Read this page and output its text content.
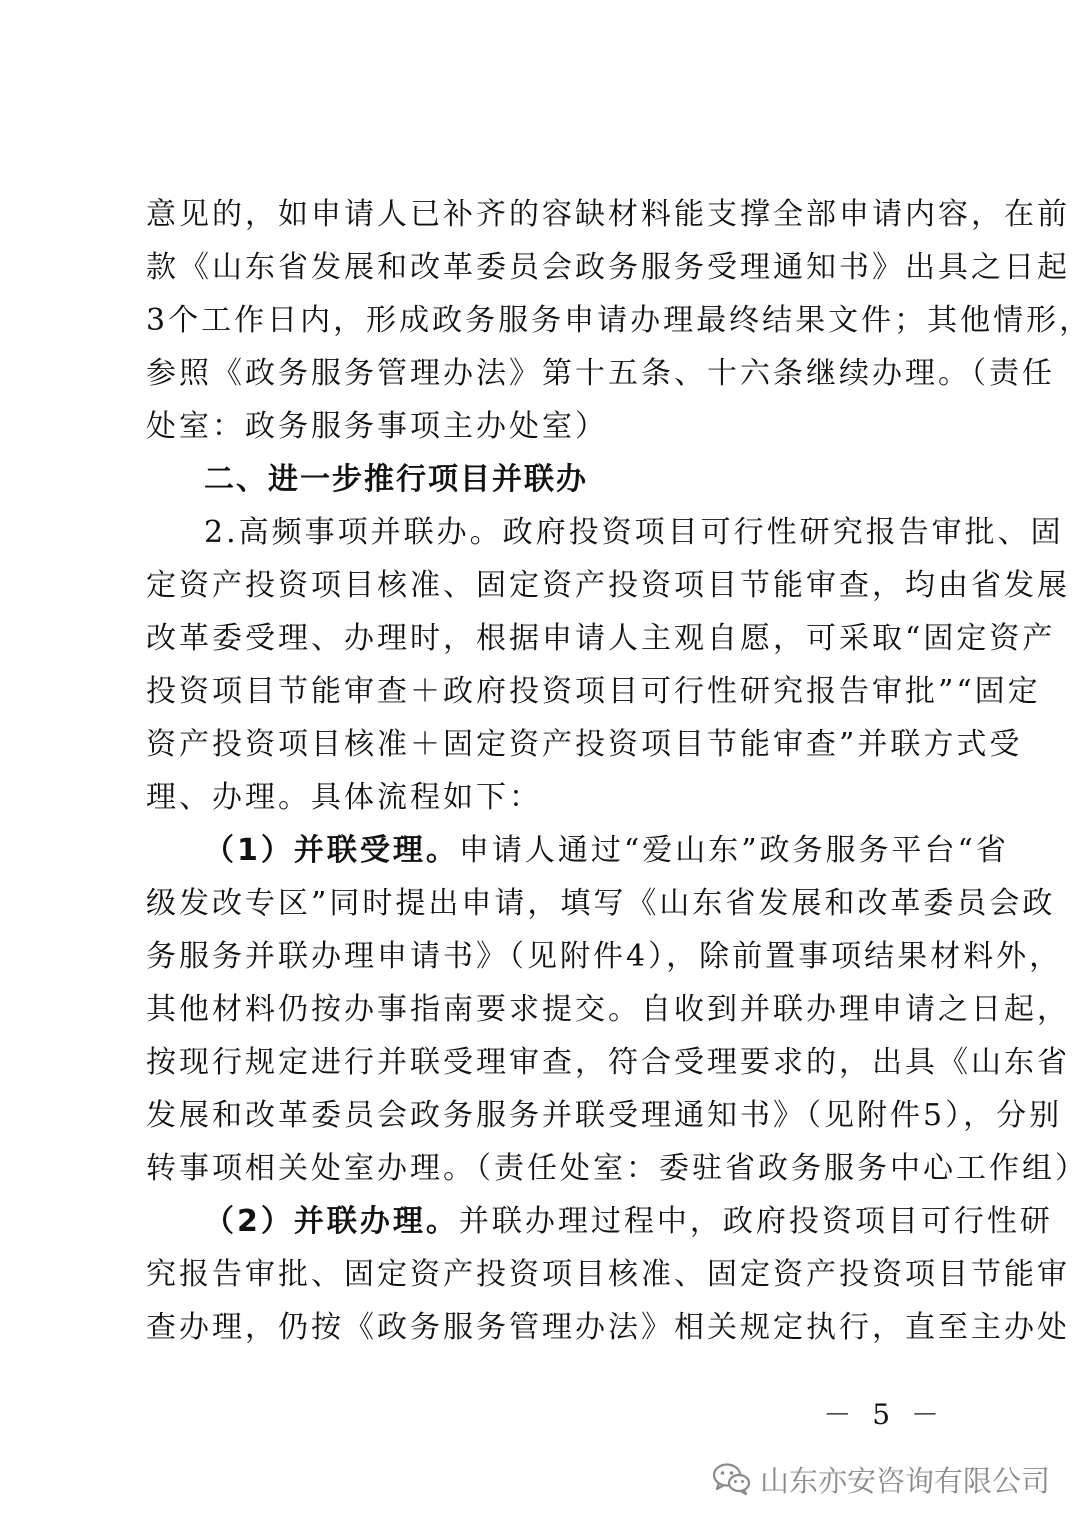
意见的，如申请人已补齐的容缺材料能支撑全部申请内容，在前
款《山东省发展和改革委员会政务服务受理通知书》出具之日起
3个工作日内，形成政务服务申请办理最终结果文件；其他情形，
参照《政务服务管理办法》第十五条、十六条继续办理。（责任
处室：政务服务事项主办处室）
二、进一步推行项目并联办
2.高频事项并联办。政府投资项目可行性研究报告审批、固
定资产投资项目核准、固定资产投资项目节能审查，均由省发展
改革委受理、办理时，根据申请人主观自愿，可采取“固定资产
投资项目节能审查＋政府投资项目可行性研究报告审批”“固定
资产投资项目核准＋固定资产投资项目节能审查”并联方式受
理、办理。具体流程如下：
（1）并联受理。申请人通过“爱山东”政务服务平台“省
级发改专区”同时提出申请，填写《山东省发展和改革委员会政
务服务并联办理申请书》（见附件4），除前置事项结果材料外，
其他材料仍按办事指南要求提交。自收到并联办理申请之日起，
按现行规定进行并联受理审查，符合受理要求的，出具《山东省
发展和改革委员会政务服务并联受理通知书》（见附件5），分别
转事项相关处室办理。（责任处室：委驻省政务服务中心工作组）
（2）并联办理。并联办理过程中，政府投资项目可行性研
究报告审批、固定资产投资项目核准、固定资产投资项目节能审
查办理，仍按《政务服务管理办法》相关规定执行，直至主办处
－ 5 －
山东亦安咨询有限公司
